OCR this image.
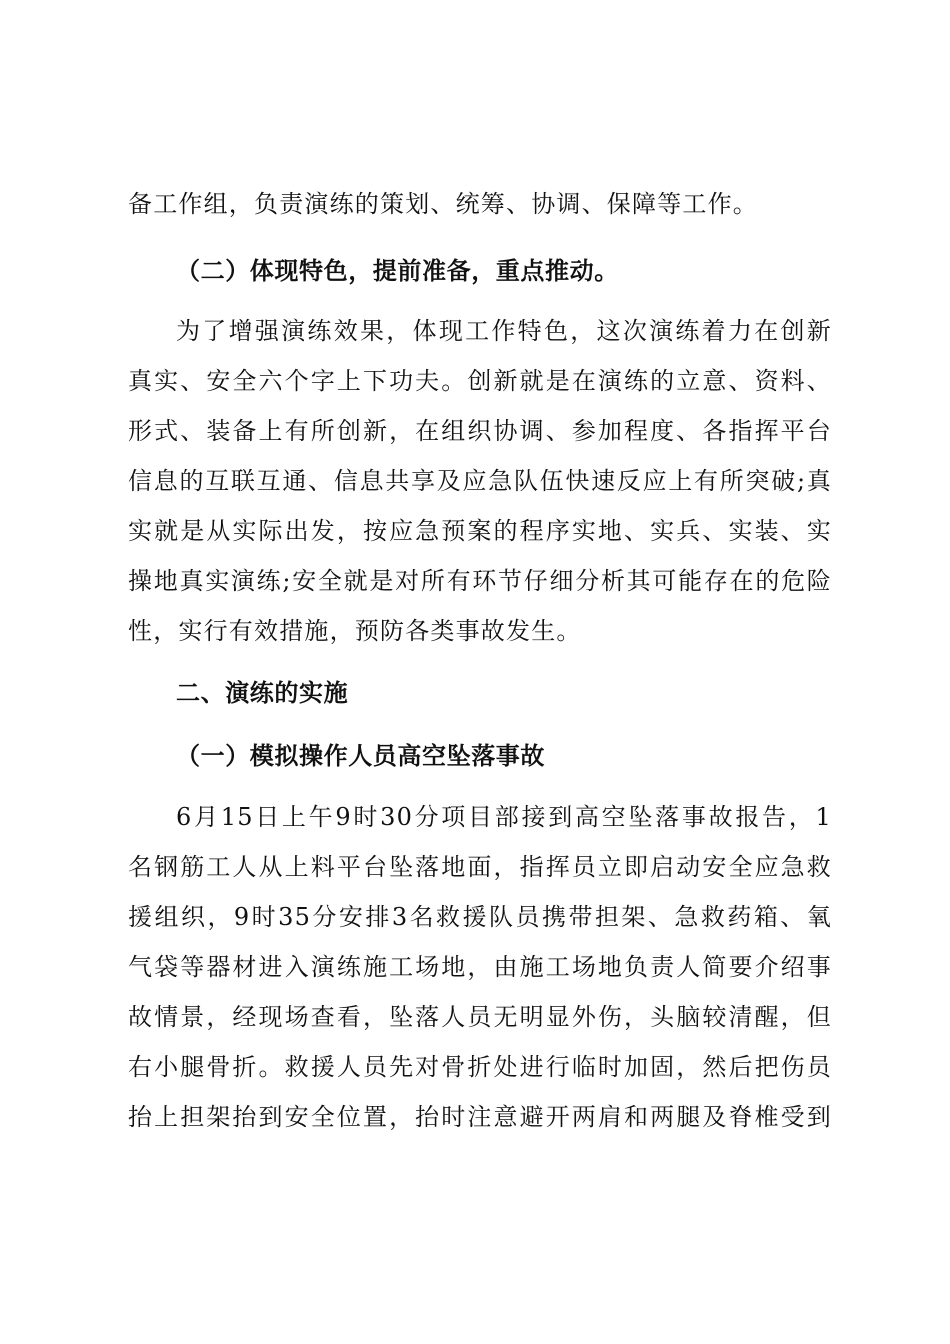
备工作组，负责演练的策划、统筹、协调、保障等工作。
（二）体现特色，提前准备，重点推动。
为了增强演练效果，体现工作特色，这次演练着力在创新
真实、安全六个字上下功夫。创新就是在演练的立意、资料、
形式、装备上有所创新，在组织协调、参加程度、各指挥平台
信息的互联互通、信息共享及应急队伍快速反应上有所突破;真
实就是从实际出发，按应急预案的程序实地、实兵、实装、实
操地真实演练;安全就是对所有环节仔细分析其可能存在的危险
性，实行有效措施，预防各类事故发生。
二、演练的实施
（一）模拟操作人员高空坠落事故
6月15日上午9时30分项目部接到高空坠落事故报告，1
名钢筋工人从上料平台坠落地面，指挥员立即启动安全应急救
援组织，9时35分安排3名救援队员携带担架、急救药箱、氧
气袋等器材进入演练施工场地，由施工场地负责人简要介绍事
故情景，经现场查看，坠落人员无明显外伤，头脑较清醒，但
右小腿骨折。救援人员先对骨折处进行临时加固，然后把伤员
抬上担架抬到安全位置，抬时注意避开两肩和两腿及脊椎受到
